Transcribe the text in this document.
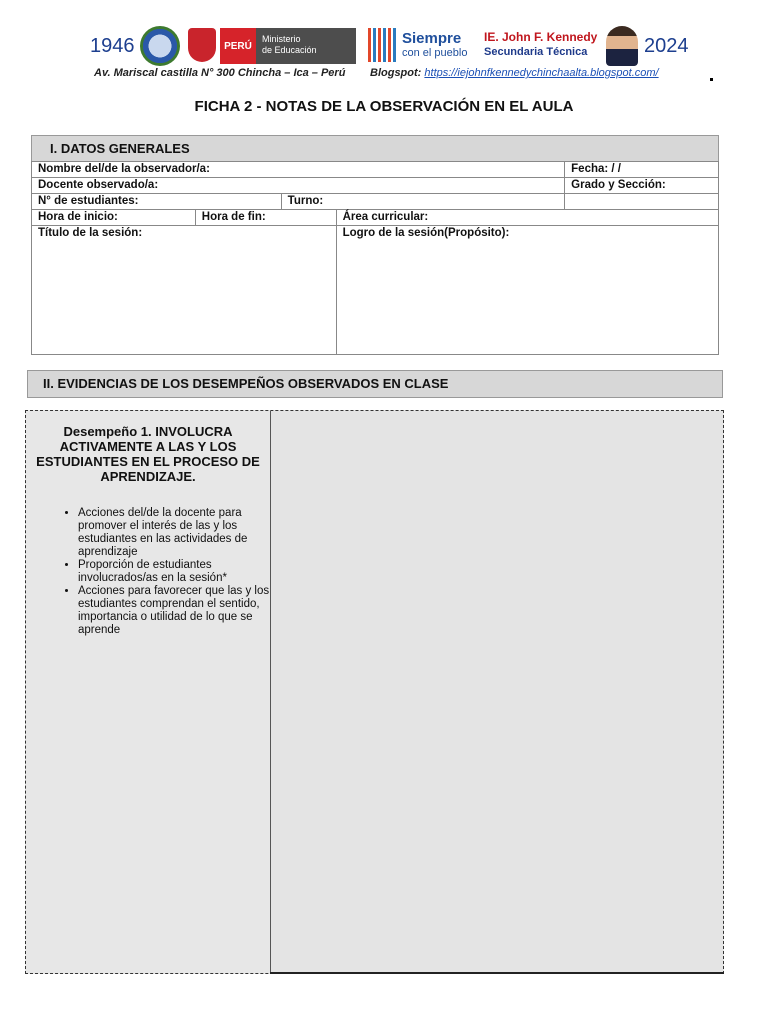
1946	PERÚ
Ministerio
de Educación
Av. Mariscal castilla N° 300 Chincha – Ica – Perú
Siempre
con el pueblo
IE. John F. Kennedy
Secundaria Técnica
Blogspot: https://iejohnfkennedychinchaalta.blogspot.com/
2024
FICHA 2 - NOTAS DE LA OBSERVACIÓN EN EL AULA
I. DATOS GENERALES
Nombre del/de la observador/a:				Fecha: / /
Docente observado/a:				Grado y Sección:
N° de estudiantes:		Turno:		
Hora de inicio:	Hora de fin:		Área curricular:	
Título de la sesión:			Logro de la sesión(Propósito):	
II. EVIDENCIAS DE LOS DESEMPEÑOS OBSERVADOS EN CLASE
Desempeño 1. INVOLUCRA ACTIVAMENTE A LAS Y LOS ESTUDIANTES EN EL PROCESO DE APRENDIZAJE.
• Acciones del/de la docente para promover el interés de las y los estudiantes en las actividades de aprendizaje
• Proporción de estudiantes involucrados/as en la sesión*
• Acciones para favorecer que las y los estudiantes comprendan el sentido, importancia o utilidad de lo que se aprende
